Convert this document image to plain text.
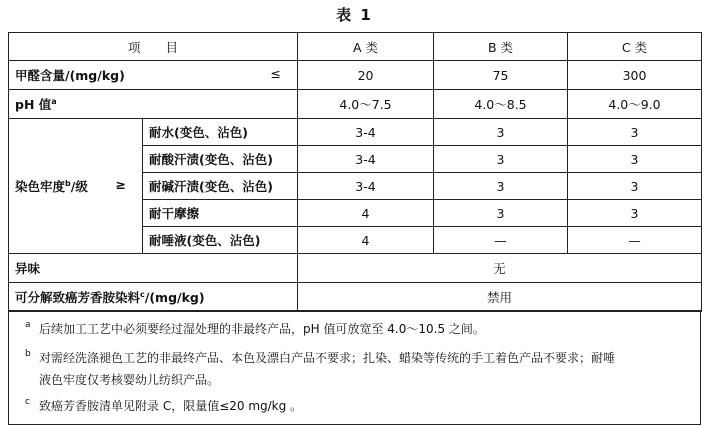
表 1
项　　目		A 类	B 类	C 类
甲醛含量/(mg/kg) ≤		20	75	300
pH 值$^a$		4.0～7.5	4.0～8.5	4.0～9.0
染色牢度$^b$/级 ≥	耐水(变色、沾色)	3-4	3	3
	耐酸汗渍(变色、沾色)	3-4	3	3
	耐碱汗渍(变色、沾色)	3-4	3	3
	耐干摩擦	4	3	3
	耐唾液(变色、沾色)	4	—	—
异味		无		
可分解致癌芳香胺染料$^c$/(mg/kg)		禁用		
a 后续加工工艺中必须要经过湿处理的非最终产品，pH 值可放宽至 4.0～10.5 之间。
b 对需经洗涤褪色工艺的非最终产品、本色及漂白产品不要求；扎染、蜡染等传统的手工着色产品不要求；耐唾
液色牢度仅考核婴幼儿纺织产品。
c 致癌芳香胺清单见附录 C，限量值≤20 mg/kg 。
